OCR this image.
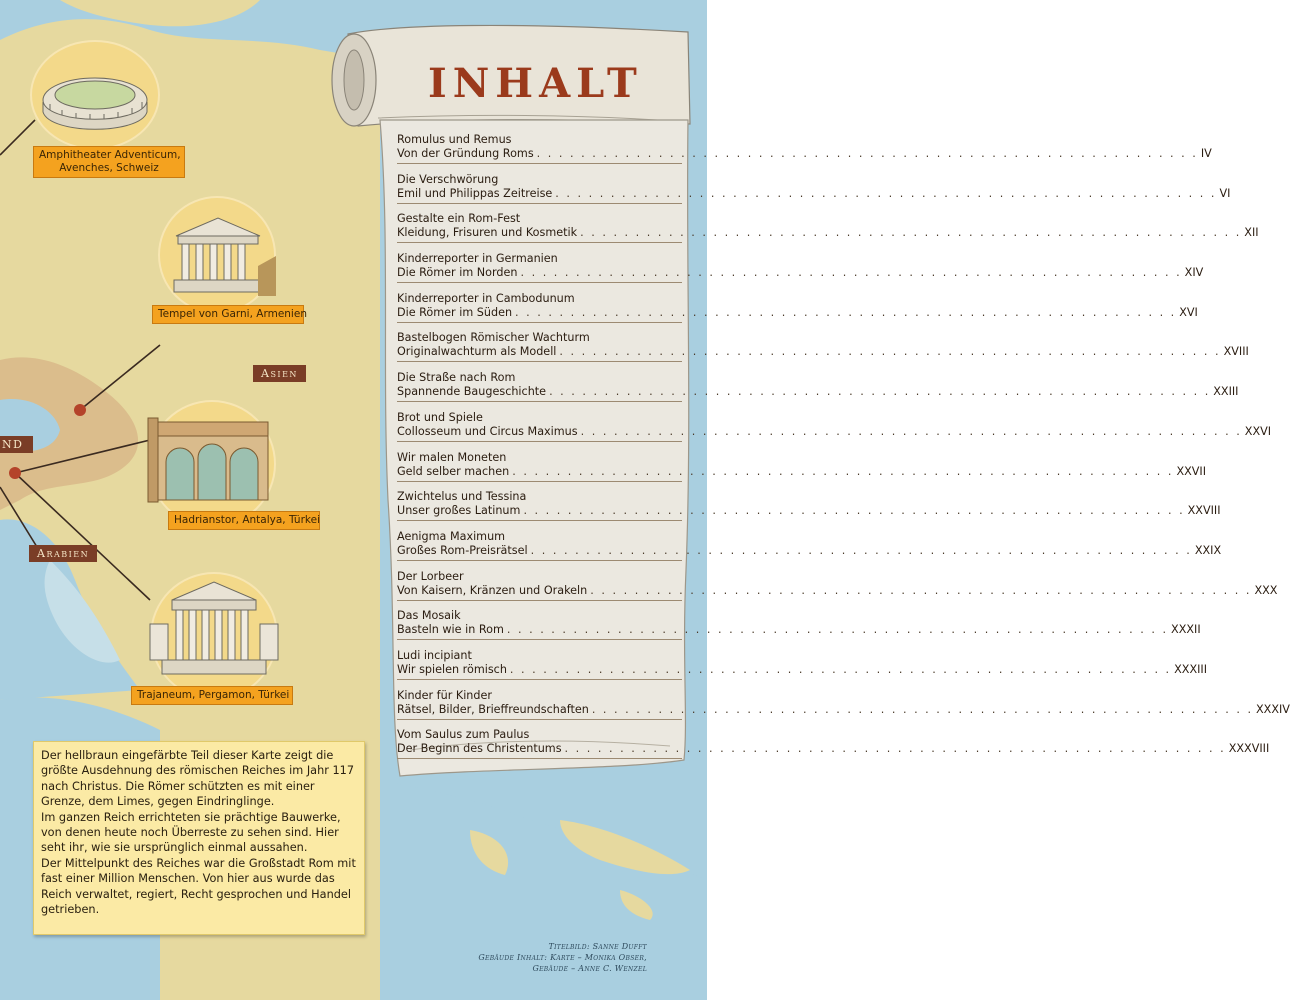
Amphitheater Adventicum,
Avenches, Schweiz
Tempel von Garni, Armenien
Asien
Hadrianstor, Antalya, Türkei
ND
Arabien
Trajaneum, Pergamon, Türkei
INHALT
Romulus und Remus
Von der Gründung Roms . . . . . . . . . . . . . . . . . . . . . . . . . . . . . . . . . . . . . . . . . . . . . . . . . . . . . . . . . . . . IV
Die Verschwörung
Emil und Philippas Zeitreise . . . . . . . . . . . . . . . . . . . . . . . . . . . . . . . . . . . . . . . . . . . . . . . . . . . . . . . . . . . . VI
Gestalte ein Rom-Fest
Kleidung, Frisuren und Kosmetik . . . . . . . . . . . . . . . . . . . . . . . . . . . . . . . . . . . . . . . . . . . . . . . . . . . . . . . . . . . . XII
Kinderreporter in Germanien
Die Römer im Norden . . . . . . . . . . . . . . . . . . . . . . . . . . . . . . . . . . . . . . . . . . . . . . . . . . . . . . . . . . . . XIV
Kinderreporter in Cambodunum
Die Römer im Süden . . . . . . . . . . . . . . . . . . . . . . . . . . . . . . . . . . . . . . . . . . . . . . . . . . . . . . . . . . . . XVI
Bastelbogen Römischer Wachturm
Originalwachturm als Modell . . . . . . . . . . . . . . . . . . . . . . . . . . . . . . . . . . . . . . . . . . . . . . . . . . . . . . . . . . . . XVIII
Die Straße nach Rom
Spannende Baugeschichte . . . . . . . . . . . . . . . . . . . . . . . . . . . . . . . . . . . . . . . . . . . . . . . . . . . . . . . . . . . . XXIII
Brot und Spiele
Collosseum und Circus Maximus . . . . . . . . . . . . . . . . . . . . . . . . . . . . . . . . . . . . . . . . . . . . . . . . . . . . . . . . . . . . XXVI
Wir malen Moneten
Geld selber machen . . . . . . . . . . . . . . . . . . . . . . . . . . . . . . . . . . . . . . . . . . . . . . . . . . . . . . . . . . . . XXVII
Zwichtelus und Tessina
Unser großes Latinum . . . . . . . . . . . . . . . . . . . . . . . . . . . . . . . . . . . . . . . . . . . . . . . . . . . . . . . . . . . . XXVIII
Aenigma Maximum
Großes Rom-Preisrätsel . . . . . . . . . . . . . . . . . . . . . . . . . . . . . . . . . . . . . . . . . . . . . . . . . . . . . . . . . . . . XXIX
Der Lorbeer
Von Kaisern, Kränzen und Orakeln . . . . . . . . . . . . . . . . . . . . . . . . . . . . . . . . . . . . . . . . . . . . . . . . . . . . . . . . . . . . XXX
Das Mosaik
Basteln wie in Rom . . . . . . . . . . . . . . . . . . . . . . . . . . . . . . . . . . . . . . . . . . . . . . . . . . . . . . . . . . . . XXXII
Ludi incipiant
Wir spielen römisch . . . . . . . . . . . . . . . . . . . . . . . . . . . . . . . . . . . . . . . . . . . . . . . . . . . . . . . . . . . . XXXIII
Kinder für Kinder
Rätsel, Bilder, Brieffreundschaften . . . . . . . . . . . . . . . . . . . . . . . . . . . . . . . . . . . . . . . . . . . . . . . . . . . . . . . . . . . . XXXIV
Vom Saulus zum Paulus
Der Beginn des Christentums . . . . . . . . . . . . . . . . . . . . . . . . . . . . . . . . . . . . . . . . . . . . . . . . . . . . . . . . . . . . XXXVIII

Der hellbraun eingefärbte Teil dieser Karte zeigt die größte Ausdehnung des römischen Reiches im Jahr 117 nach Christus. Die Römer schützten es mit einer Grenze, dem Limes, gegen Eindringlinge.

Im ganzen Reich errichteten sie prächtige Bauwerke, von denen heute noch Überreste zu sehen sind. Hier seht ihr, wie sie ursprünglich einmal aussahen.

Der Mittelpunkt des Reiches war die Großstadt Rom mit fast einer Million Menschen. Von hier aus wurde das Reich verwaltet, regiert, Recht gesprochen und Handel getrieben.

Titelbild: Sanne Dufft
Gebäude Inhalt: Karte – Monika Obser,
Gebäude – Anne C. Wenzel
